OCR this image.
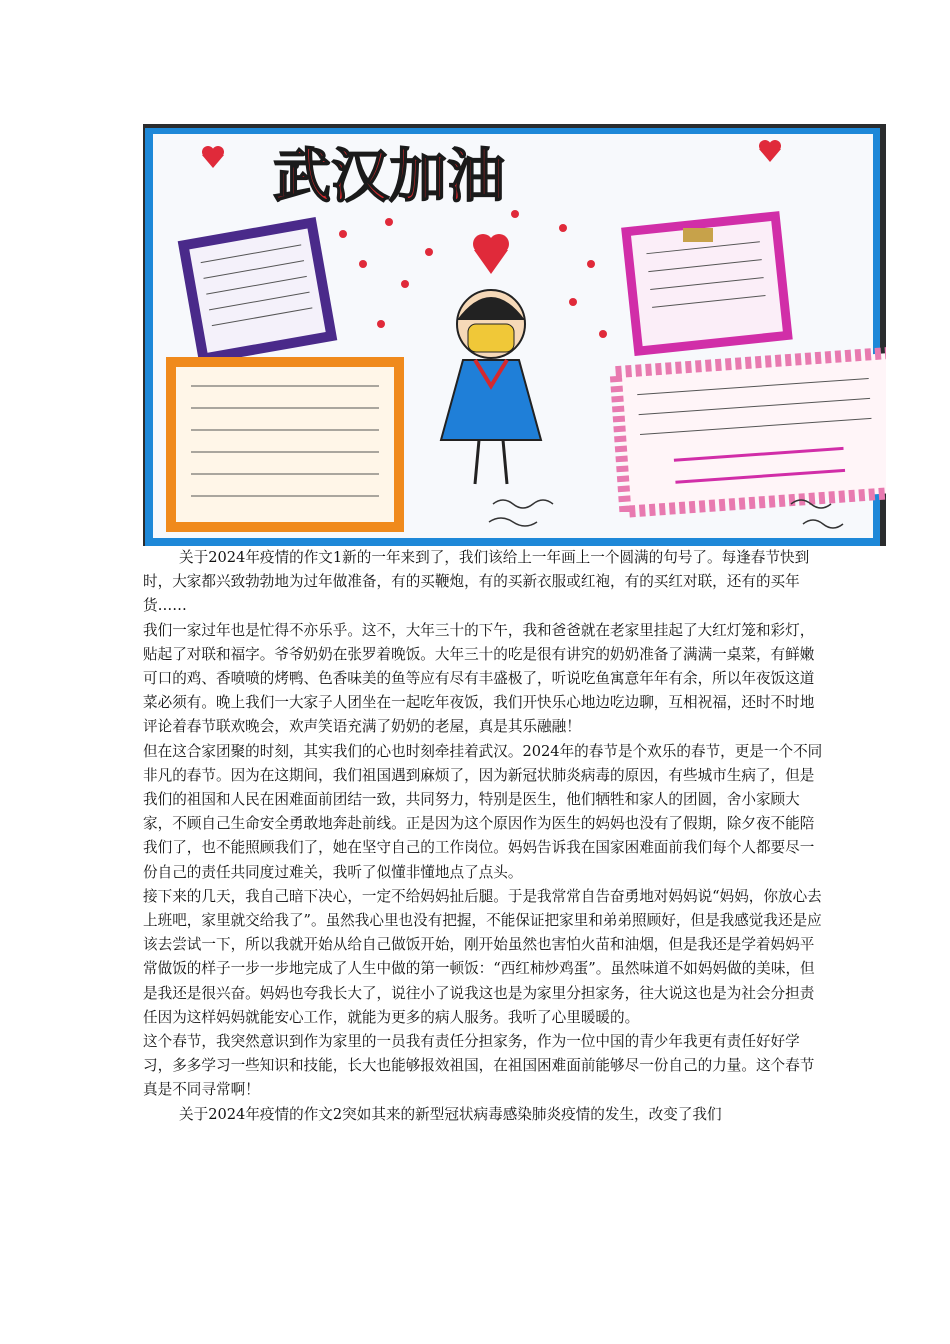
武汉加油

关于2024年疫情的作文1新的一年来到了，我们该给上一年画上一个圆满的句号了。每逢春节快到时，大家都兴致勃勃地为过年做准备，有的买鞭炮，有的买新衣服或红袍，有的买红对联，还有的买年货……

我们一家过年也是忙得不亦乐乎。这不，大年三十的下午，我和爸爸就在老家里挂起了大红灯笼和彩灯，贴起了对联和福字。爷爷奶奶在张罗着晚饭。大年三十的吃是很有讲究的奶奶准备了满满一桌菜，有鲜嫩可口的鸡、香喷喷的烤鸭、色香味美的鱼等应有尽有丰盛极了，听说吃鱼寓意年年有余，所以年夜饭这道菜必须有。晚上我们一大家子人团坐在一起吃年夜饭，我们开快乐心地边吃边聊，互相祝福，还时不时地评论着春节联欢晚会，欢声笑语充满了奶奶的老屋，真是其乐融融！

但在这合家团聚的时刻，其实我们的心也时刻牵挂着武汉。2024年的春节是个欢乐的春节，更是一个不同非凡的春节。因为在这期间，我们祖国遇到麻烦了，因为新冠状肺炎病毒的原因，有些城市生病了，但是我们的祖国和人民在困难面前团结一致，共同努力，特别是医生，他们牺牲和家人的团圆，舍小家顾大家，不顾自己生命安全勇敢地奔赴前线。正是因为这个原因作为医生的妈妈也没有了假期，除夕夜不能陪我们了，也不能照顾我们了，她在坚守自己的工作岗位。妈妈告诉我在国家困难面前我们每个人都要尽一份自己的责任共同度过难关，我听了似懂非懂地点了点头。

接下来的几天，我自己暗下决心，一定不给妈妈扯后腿。于是我常常自告奋勇地对妈妈说“妈妈，你放心去上班吧，家里就交给我了”。虽然我心里也没有把握，不能保证把家里和弟弟照顾好，但是我感觉我还是应该去尝试一下，所以我就开始从给自己做饭开始，刚开始虽然也害怕火苗和油烟，但是我还是学着妈妈平常做饭的样子一步一步地完成了人生中做的第一顿饭：“西红柿炒鸡蛋”。虽然味道不如妈妈做的美味，但是我还是很兴奋。妈妈也夸我长大了，说往小了说我这也是为家里分担家务，往大说这也是为社会分担责任因为这样妈妈就能安心工作，就能为更多的病人服务。我听了心里暖暖的。

这个春节，我突然意识到作为家里的一员我有责任分担家务，作为一位中国的青少年我更有责任好好学习，多多学习一些知识和技能，长大也能够报效祖国，在祖国困难面前能够尽一份自己的力量。这个春节真是不同寻常啊！

关于2024年疫情的作文2突如其来的新型冠状病毒感染肺炎疫情的发生，改变了我们
